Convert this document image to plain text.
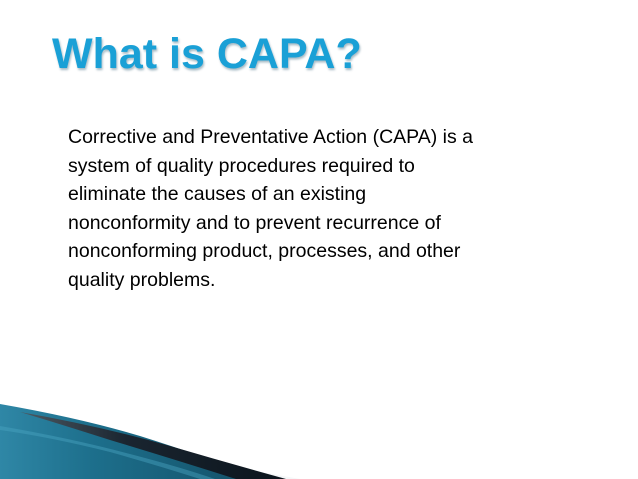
What is CAPA?

Corrective and Preventative Action (CAPA) is a
system of quality procedures required to
eliminate the causes of an existing
nonconformity and to prevent recurrence of
nonconforming product, processes, and other
quality problems.
